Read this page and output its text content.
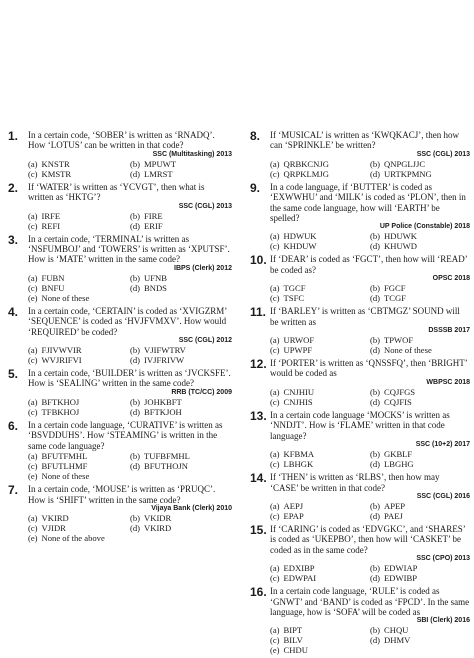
1.	In a certain code, ‘SOBER’ is written as ‘RNADQ’. How ‘LOTUS’ can be written in that code?
SSC (Multitasking) 2013
(a) KNSTR	(b) MPUWT
(c) KMSTR	(d) LMRST
2.	If ‘WATER’ is written as ‘YCVGT’, then what is written as ‘HKTG’?
SSC (CGL) 2013
(a) IRFE	(b) FIRE
(c) REFI	(d) ERIF
3.	In a certain code, ‘TERMINAL’ is written as ‘NSFUMBOJ’ and ‘TOWERS’ is written as ‘XPUTSF’. How is ‘MATE’ written in the same code?
IBPS (Clerk) 2012
(a) FUBN	(b) UFNB
(c) BNFU	(d) BNDS
(e) None of these
4.	In a certain code, ‘CERTAIN’ is coded as ‘XVIGZRM’ ‘SEQUENCE’ is coded as ‘HVJFVMXV’. How would ‘REQUIRED’ be coded?
SSC (CGL) 2012
(a) FJIVWVIR	(b) VJIFWTRV
(c) WVJRIFVI	(d) IVJFRIVW
5.	In a certain code, ‘BUILDER’ is written as ‘JVCKSFE’. How is ‘SEALING’ written in the same code?
RRB (TC/CC) 2009
(a) BFTKHOJ	(b) JOHKBFT
(c) TFBKHOJ	(d) BFTKJOH
6.	In a certain code language, ‘CURATIVE’ is written as ‘BSVDDUHS’. How ‘STEAMING’ is written in the same code language?
(a) BFUTFMHL	(b) TUFBFMHL
(c) BFUTLHMF	(d) BFUTHOJN
(e) None of these
7.	In a certain code, ‘MOUSE’ is written as ‘PRUQC’. How is ‘SHIFT’ written in the same code?
Vijaya Bank (Clerk) 2010
(a) VKIRD	(b) VKIDR
(c) VJIDR	(d) VKIRD
(e) None of the above
8.	If ‘MUSICAL’ is written as ‘KWQKACJ’, then how can ‘SPRINKLE’ be written?
SSC (CGL) 2013
(a) QRBKCNJG	(b) QNPGLJJC
(c) QRPKLMJG	(d) URTKPMNG
9.	In a code language, if ‘BUTTER’ is coded as ‘EXWWHU’ and ‘MILK’ is coded as ‘PLON’, then in the same code language, how will ‘EARTH’ be spelled?
UP Police (Constable) 2018
(a) HDWUK	(b) HDUWK
(c) KHDUW	(d) KHUWD
10. If ‘DEAR’ is coded as ‘FGCT’, then how will ‘READ’ be coded as?
OPSC 2018
(a) TGCF	(b) FGCF
(c) TSFC	(d) TCGF
11. If ‘BARLEY’ is written as ‘CBTMGZ’ SOUND will be written as
DSSSB 2017
(a) URWOF	(b) TPWOF
(c) UPWPF	(d) None of these
12. If ‘PORTER’ is written as ‘QNSSFQ’, then ‘BRIGHT’ would be coded as
WBPSC 2018
(a) CNJHIU	(b) CQJFGS
(c) CNJHIS	(d) CQJFIS
13. In a certain code language ‘MOCKS’ is written as ‘NNDJT’. How is ‘FLAME’ written in that code language?
SSC (10+2) 2017
(a) KFBMA	(b) GKBLF
(c) LBHGK	(d) LBGHG
14. If ‘THEN’ is written as ‘RLBS’, then how may ‘CASE’ be written in that code?
SSC (CGL) 2016
(a) AEPJ	(b) APEP
(c) EPAP	(d) PAEJ
15. If ‘CARING’ is coded as ‘EDVGKC’, and ‘SHARES’ is coded as ‘UKEPBO’, then how will ‘CASKET’ be coded as in the same code?
SSC (CPO) 2013
(a) EDXIBP	(b) EDWIAP
(c) EDWPAI	(d) EDWIBP
16. In a certain code language, ‘RULE’ is coded as ‘GNWT’ and ‘BAND’ is coded as ‘FPCD’. In the same language, how is ‘SOFA’ will be coded as
SBI (Clerk) 2016
(a) BIPT	(b) CHQU
(c) BILV	(d) DHMV
(e) CHDU
